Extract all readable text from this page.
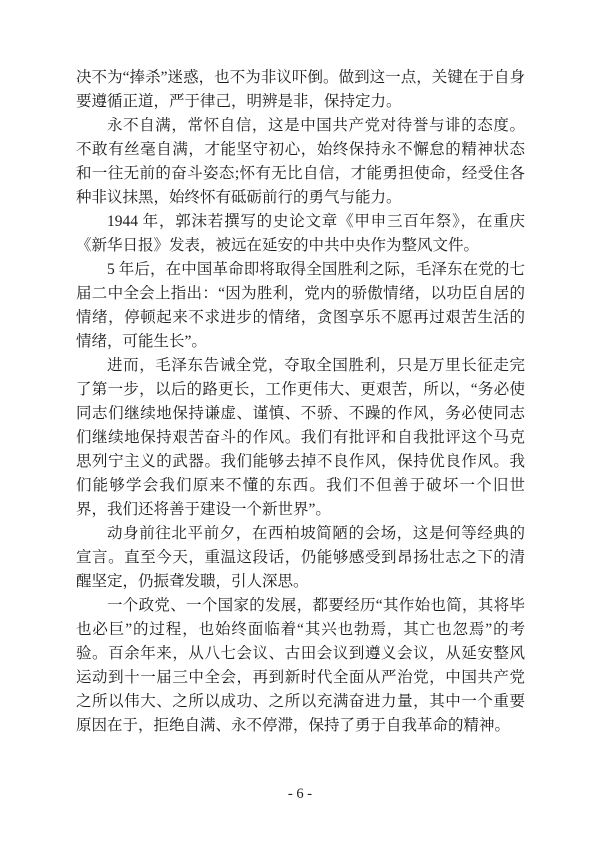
决不为“捧杀”迷惑，也不为非议吓倒。做到这一点，关键在于自身要遵循正道，严于律己，明辨是非，保持定力。

永不自满，常怀自信，这是中国共产党对待誉与诽的态度。不敢有丝毫自满，才能坚守初心，始终保持永不懈怠的精神状态和一往无前的奋斗姿态;怀有无比自信，才能勇担使命，经受住各种非议抹黑，始终怀有砥砺前行的勇气与能力。

1944 年，郭沫若撰写的史论文章《甲申三百年祭》，在重庆《新华日报》发表，被远在延安的中共中央作为整风文件。

5 年后，在中国革命即将取得全国胜利之际，毛泽东在党的七届二中全会上指出：“因为胜利，党内的骄傲情绪，以功臣自居的情绪，停顿起来不求进步的情绪，贪图享乐不愿再过艰苦生活的情绪，可能生长”。

进而，毛泽东告诫全党，夺取全国胜利，只是万里长征走完了第一步，以后的路更长，工作更伟大、更艰苦，所以，“务必使同志们继续地保持谦虚、谨慎、不骄、不躁的作风，务必使同志们继续地保持艰苦奋斗的作风。我们有批评和自我批评这个马克思列宁主义的武器。我们能够去掉不良作风，保持优良作风。我们能够学会我们原来不懂的东西。我们不但善于破坏一个旧世界，我们还将善于建设一个新世界”。

动身前往北平前夕，在西柏坡简陋的会场，这是何等经典的宣言。直至今天，重温这段话，仍能够感受到昂扬壮志之下的清醒坚定，仍振聋发聩，引人深思。

一个政党、一个国家的发展，都要经历“其作始也简，其将毕也必巨”的过程，也始终面临着“其兴也勃焉，其亡也忽焉”的考验。百余年来，从八七会议、古田会议到遵义会议，从延安整风运动到十一届三中全会，再到新时代全面从严治党，中国共产党之所以伟大、之所以成功、之所以充满奋进力量，其中一个重要原因在于，拒绝自满、永不停滞，保持了勇于自我革命的精神。

- 6 -
